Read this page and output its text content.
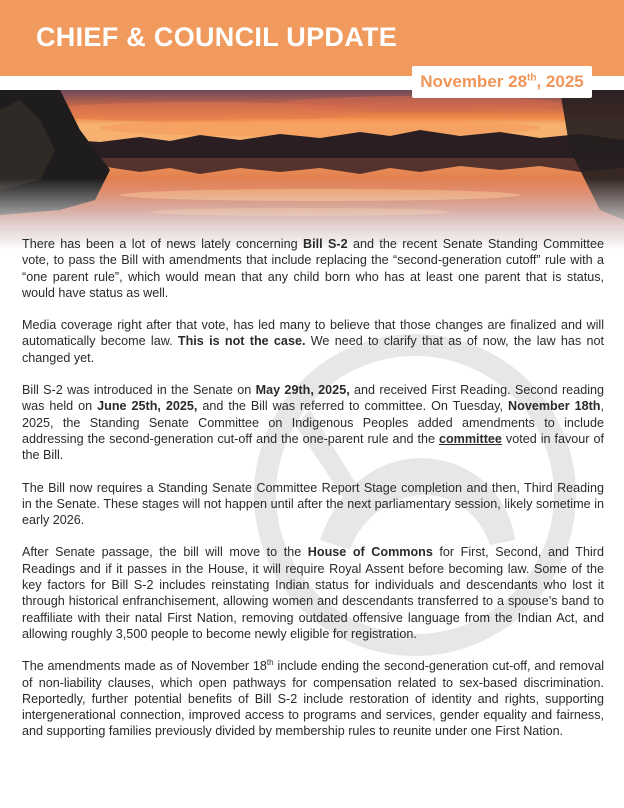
CHIEF & COUNCIL UPDATE
November 28th, 2025

There has been a lot of news lately concerning Bill S-2 and the recent Senate Standing Committee vote, to pass the Bill with amendments that include replacing the “second-generation cutoff” rule with a “one parent rule”, which would mean that any child born who has at least one parent that is status, would have status as well.

Media coverage right after that vote, has led many to believe that those changes are finalized and will automatically become law. This is not the case. We need to clarify that as of now, the law has not changed yet.

Bill S-2 was introduced in the Senate on May 29th, 2025, and received First Reading. Second reading was held on June 25th, 2025, and the Bill was referred to committee. On Tuesday, November 18th, 2025, the Standing Senate Committee on Indigenous Peoples added amendments to include addressing the second-generation cut-off and the one-parent rule and the committee voted in favour of the Bill.

The Bill now requires a Standing Senate Committee Report Stage completion and then, Third Reading in the Senate. These stages will not happen until after the next parliamentary session, likely sometime in early 2026.

After Senate passage, the bill will move to the House of Commons for First, Second, and Third Readings and if it passes in the House, it will require Royal Assent before becoming law. Some of the key factors for Bill S-2 includes reinstating Indian status for individuals and descendants who lost it through historical enfranchisement, allowing women and descendants transferred to a spouse’s band to reaffiliate with their natal First Nation, removing outdated offensive language from the Indian Act, and allowing roughly 3,500 people to become newly eligible for registration.

The amendments made as of November 18th include ending the second-generation cut-off, and removal of non-liability clauses, which open pathways for compensation related to sex-based discrimination. Reportedly, further potential benefits of Bill S-2 include restoration of identity and rights, supporting intergenerational connection, improved access to programs and services, gender equality and fairness, and supporting families previously divided by membership rules to reunite under one First Nation.
